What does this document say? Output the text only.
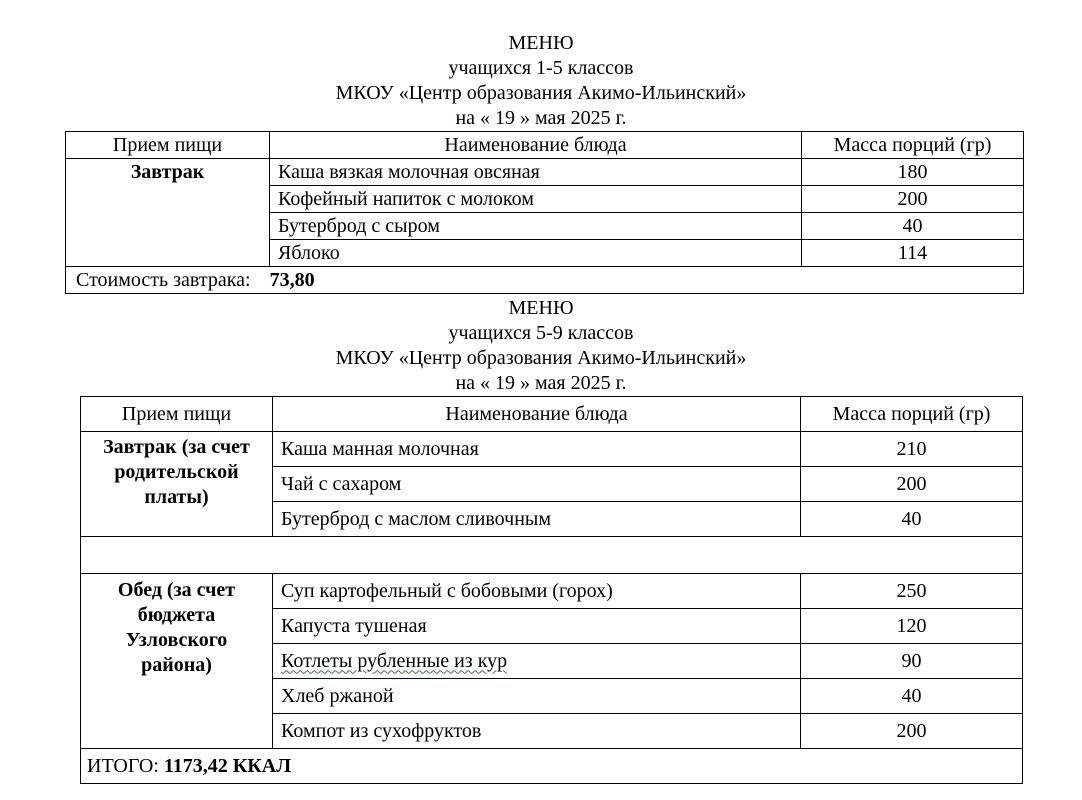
МЕНЮ
учащихся 1-5 классов
МКОУ «Центр образования Акимо-Ильинский»
на « 19 » мая 2025 г.
Прием пищи	Наименование блюда	Масса порций (гр)
Завтрак	Каша вязкая молочная овсяная	180
	Кофейный напиток с молоком	200
	Бутерброд с сыром	40
	Яблоко	114
Стоимость завтрака: 73,80		
МЕНЮ
учащихся 5-9 классов
МКОУ «Центр образования Акимо-Ильинский»
на « 19 » мая 2025 г.
Прием пищи	Наименование блюда	Масса порций (гр)
Завтрак (за счет родительской платы)	Каша манная молочная	210
	Чай с сахаром	200
	Бутерброд с маслом сливочным	40

Обед (за счет бюджета Узловского района)	Суп картофельный с бобовыми (горох)	250
	Капуста тушеная	120
	Котлеты рубленные из кур	90
	Хлеб ржаной	40
	Компот из сухофруктов	200
ИТОГО: 1173,42 ККАЛ		
